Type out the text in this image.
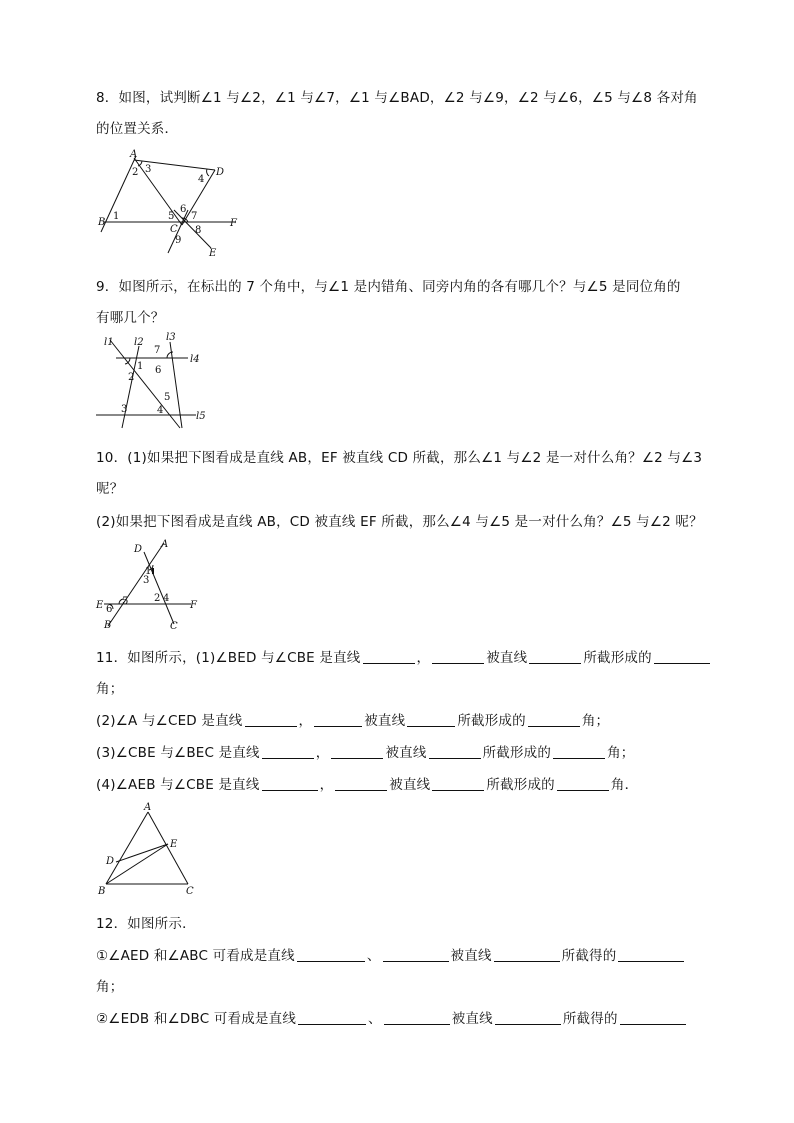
8．如图，试判断∠1 与∠2，∠1 与∠7，∠1 与∠BAD，∠2 与∠9，∠2 与∠6，∠5 与∠8 各对角
的位置关系．
A
B
C
D
E
F
1
2 3
4
5
6
7
8
9
9．如图所示，在标出的 7 个角中，与∠1 是内错角、同旁内角的各有哪几个？与∠5 是同位角的
有哪几个？
l1 l2 l3
l4
l5
1
2
3	4
5
6
7
10．(1)如果把下图看成是直线 AB，EF 被直线 CD 所截，那么∠1 与∠2 是一对什么角？∠2 与∠3
呢？
(2)如果把下图看成是直线 AB，CD 被直线 EF 所截，那么∠4 与∠5 是一对什么角？∠5 与∠2 呢？
A
B	C
D
E	F
1
2
3
4
5
6
11．如图所示，(1)∠BED 与∠CBE 是直线	，	被直线	所截形成的
角；
(2)∠A 与∠CED 是直线	，	被直线	所截形成的	角；
(3)∠CBE 与∠BEC 是直线	，	被直线	所截形成的	角；
(4)∠AEB 与∠CBE 是直线	，	被直线	所截形成的	角．
A
B	C
D
E
12．如图所示．
①∠AED 和∠ABC 可看成是直线	、	被直线	所截得的
角；
②∠EDB 和∠DBC 可看成是直线	、	被直线	所截得的
